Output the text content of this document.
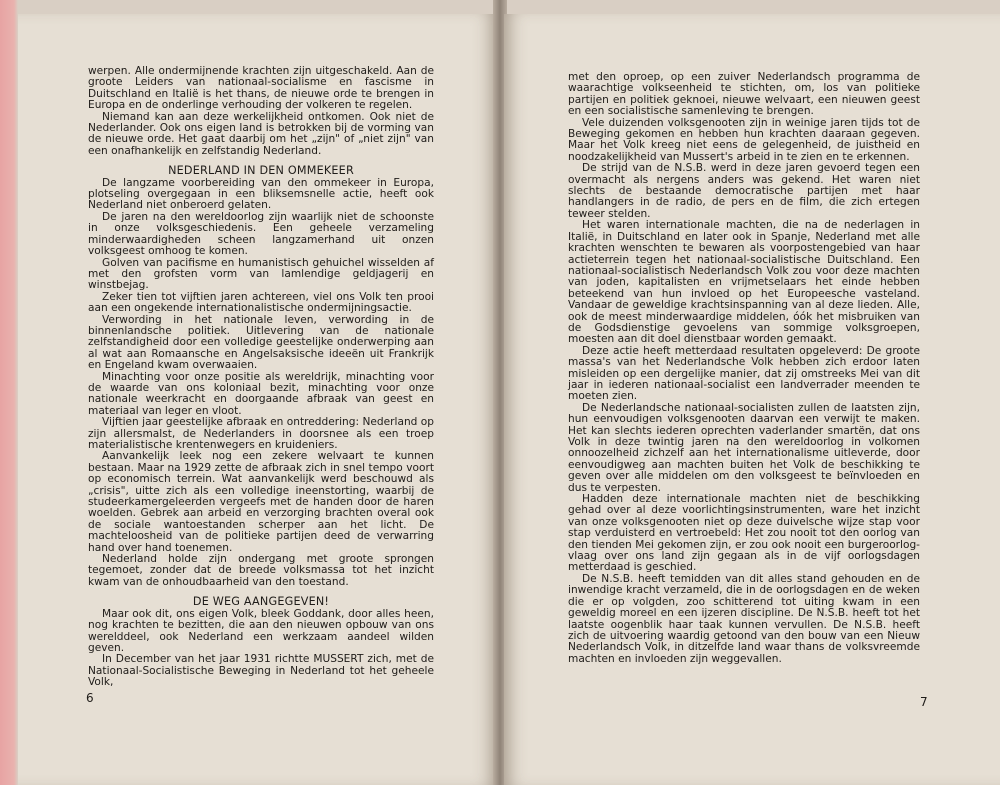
werpen. Alle ondermijnende krachten zijn uitgeschakeld. Aan de groote Leiders van nationaal-socialisme en fascisme in Duitschland en Italië is het thans, de nieuwe orde te brengen in Europa en de onderlinge verhouding der volkeren te regelen.

Niemand kan aan deze werkelijkheid ontkomen. Ook niet de Nederlander. Ook ons eigen land is betrokken bij de vorming van de nieuwe orde. Het gaat daarbij om het „zijn" of „niet zijn" van een onafhankelijk en zelfstandig Nederland.

NEDERLAND IN DEN OMMEKEER

De langzame voorbereiding van den ommekeer in Europa, plotseling overgegaan in een bliksemsnelle actie, heeft ook Nederland niet onberoerd gelaten.

De jaren na den wereldoorlog zijn waarlijk niet de schoonste in onze volksgeschiedenis. Een geheele verzameling minderwaardigheden scheen langzamerhand uit onzen volksgeest omhoog te komen.

Golven van pacifisme en humanistisch gehuichel wisselden af met den grofsten vorm van lamlendige geldjagerij en winstbejag.

Zeker tien tot vijftien jaren achtereen, viel ons Volk ten prooi aan een ongekende internationalistische ondermijningsactie.

Verwording in het nationale leven, verwording in de binnenlandsche politiek. Uitlevering van de nationale zelfstandigheid door een volledige geestelijke onderwerping aan al wat aan Romaansche en Angelsaksische ideeën uit Frankrijk en Engeland kwam overwaaien.

Minachting voor onze positie als wereldrijk, minachting voor de waarde van ons koloniaal bezit, minachting voor onze nationale weerkracht en doorgaande afbraak van geest en materiaal van leger en vloot.

Vijftien jaar geestelijke afbraak en ontreddering: Nederland op zijn allersmalst, de Nederlanders in doorsnee als een troep materialistische krentenwegers en kruideniers.

Aanvankelijk leek nog een zekere welvaart te kunnen bestaan. Maar na 1929 zette de afbraak zich in snel tempo voort op economisch terrein. Wat aanvankelijk werd beschouwd als „crisis", uitte zich als een volledige ineenstorting, waarbij de studeerkamergeleerden vergeefs met de handen door de haren woelden. Gebrek aan arbeid en verzorging brachten overal ook de sociale wantoestanden scherper aan het licht. De machteloosheid van de politieke partijen deed de verwarring hand over hand toenemen.

Nederland holde zijn ondergang met groote sprongen tegemoet, zonder dat de breede volksmassa tot het inzicht kwam van de onhoudbaarheid van den toestand.

DE WEG AANGEGEVEN!

Maar ook dit, ons eigen Volk, bleek Goddank, door alles heen, nog krachten te bezitten, die aan den nieuwen opbouw van ons werelddeel, ook Nederland een werkzaam aandeel wilden geven.

In December van het jaar 1931 richtte MUSSERT zich, met de Nationaal-Socialistische Beweging in Nederland tot het geheele Volk,

6

met den oproep, op een zuiver Nederlandsch programma de waarachtige volkseenheid te stichten, om, los van politieke partijen en politiek geknoei, nieuwe welvaart, een nieuwen geest en een socialistische samenleving te brengen.

Vele duizenden volksgenooten zijn in weinige jaren tijds tot de Beweging gekomen en hebben hun krachten daaraan gegeven. Maar het Volk kreeg niet eens de gelegenheid, de juistheid en noodzakelijkheid van Mussert's arbeid in te zien en te erkennen.

De strijd van de N.S.B. werd in deze jaren gevoerd tegen een overmacht als nergens anders was gekend. Het waren niet slechts de bestaande democratische partijen met haar handlangers in de radio, de pers en de film, die zich ertegen teweer stelden.

Het waren internationale machten, die na de nederlagen in Italië, in Duitschland en later ook in Spanje, Nederland met alle krachten wenschten te bewaren als voorpostengebied van haar actieterrein tegen het nationaal-socialistische Duitschland. Een nationaal-socialistisch Nederlandsch Volk zou voor deze machten van joden, kapitalisten en vrijmetselaars het einde hebben beteekend van hun invloed op het Europeesche vasteland. Vandaar de geweldige krachtsinspanning van al deze lieden. Alle, ook de meest minderwaardige middelen, óók het misbruiken van de Godsdienstige gevoelens van sommige volksgroepen, moesten aan dit doel dienstbaar worden gemaakt.

Deze actie heeft metterdaad resultaten opgeleverd: De groote massa's van het Nederlandsche Volk hebben zich erdoor laten misleiden op een dergelijke manier, dat zij omstreeks Mei van dit jaar in iederen nationaal-socialist een landverrader meenden te moeten zien.

De Nederlandsche nationaal-socialisten zullen de laatsten zijn, hun eenvoudigen volksgenooten daarvan een verwijt te maken. Het kan slechts iederen oprechten vaderlander smartën, dat ons Volk in deze twintig jaren na den wereldoorlog in volkomen onnoozelheid zichzelf aan het internationalisme uitleverde, door eenvoudigweg aan machten buiten het Volk de beschikking te geven over alle middelen om den volksgeest te beïnvloeden en dus te verpesten.

Hadden deze internationale machten niet de beschikking gehad over al deze voorlichtingsinstrumenten, ware het inzicht van onze volksgenooten niet op deze duivelsche wijze stap voor stap verduisterd en vertroebeld: Het zou nooit tot den oorlog van den tienden Mei gekomen zijn, er zou ook nooit een burgeroorlog-vlaag over ons land zijn gegaan als in de vijf oorlogsdagen metterdaad is geschied.

De N.S.B. heeft temidden van dit alles stand gehouden en de inwendige kracht verzameld, die in de oorlogsdagen en de weken die er op volgden, zoo schitterend tot uiting kwam in een geweldig moreel en een ijzeren discipline. De N.S.B. heeft tot het laatste oogenblik haar taak kunnen vervullen. De N.S.B. heeft zich de uitvoering waardig getoond van den bouw van een Nieuw Nederlandsch Volk, in ditzelfde land waar thans de volksvreemde machten en invloeden zijn weggevallen.

7
